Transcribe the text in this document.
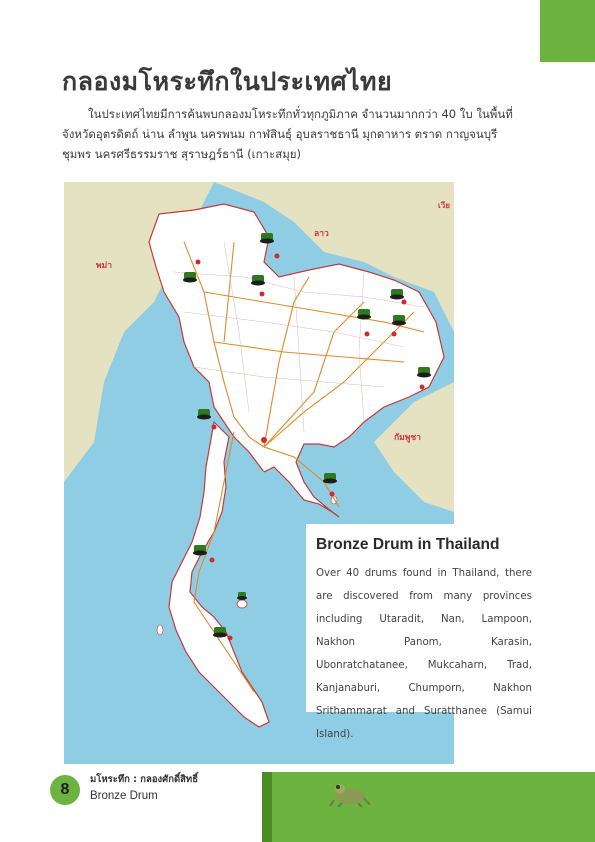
กลองมโหระทึกในประเทศไทย

ในประเทศไทยมีการค้นพบกลองมโหระทึกทั่วทุกภูมิภาค จำนวนมากกว่า 40 ใบ ในพื้นที่

จังหวัดอุตรดิตถ์ น่าน ลำพูน นครพนม กาฬสินธุ์ อุบลราชธานี มุกดาหาร ตราด กาญจนบุรี

ชุมพร นครศรีธรรมราช สุราษฎร์ธานี (เกาะสมุย)

พม่า
ลาว
กัมพูชา
เวีย
Bronze Drum in Thailand
Over 40 drums found in Thailand, there are discovered from many provinces including Utaradit, Nan, Lampoon, Nakhon Panom, Karasin, Ubonratchatanee, Mukcaharn, Trad, Kanjanaburi, Chumporn, Nakhon Srithammarat and Suratthanee (Samui Island).
8
มโหระทึก : กลองศักดิ์สิทธิ์
Bronze Drum
